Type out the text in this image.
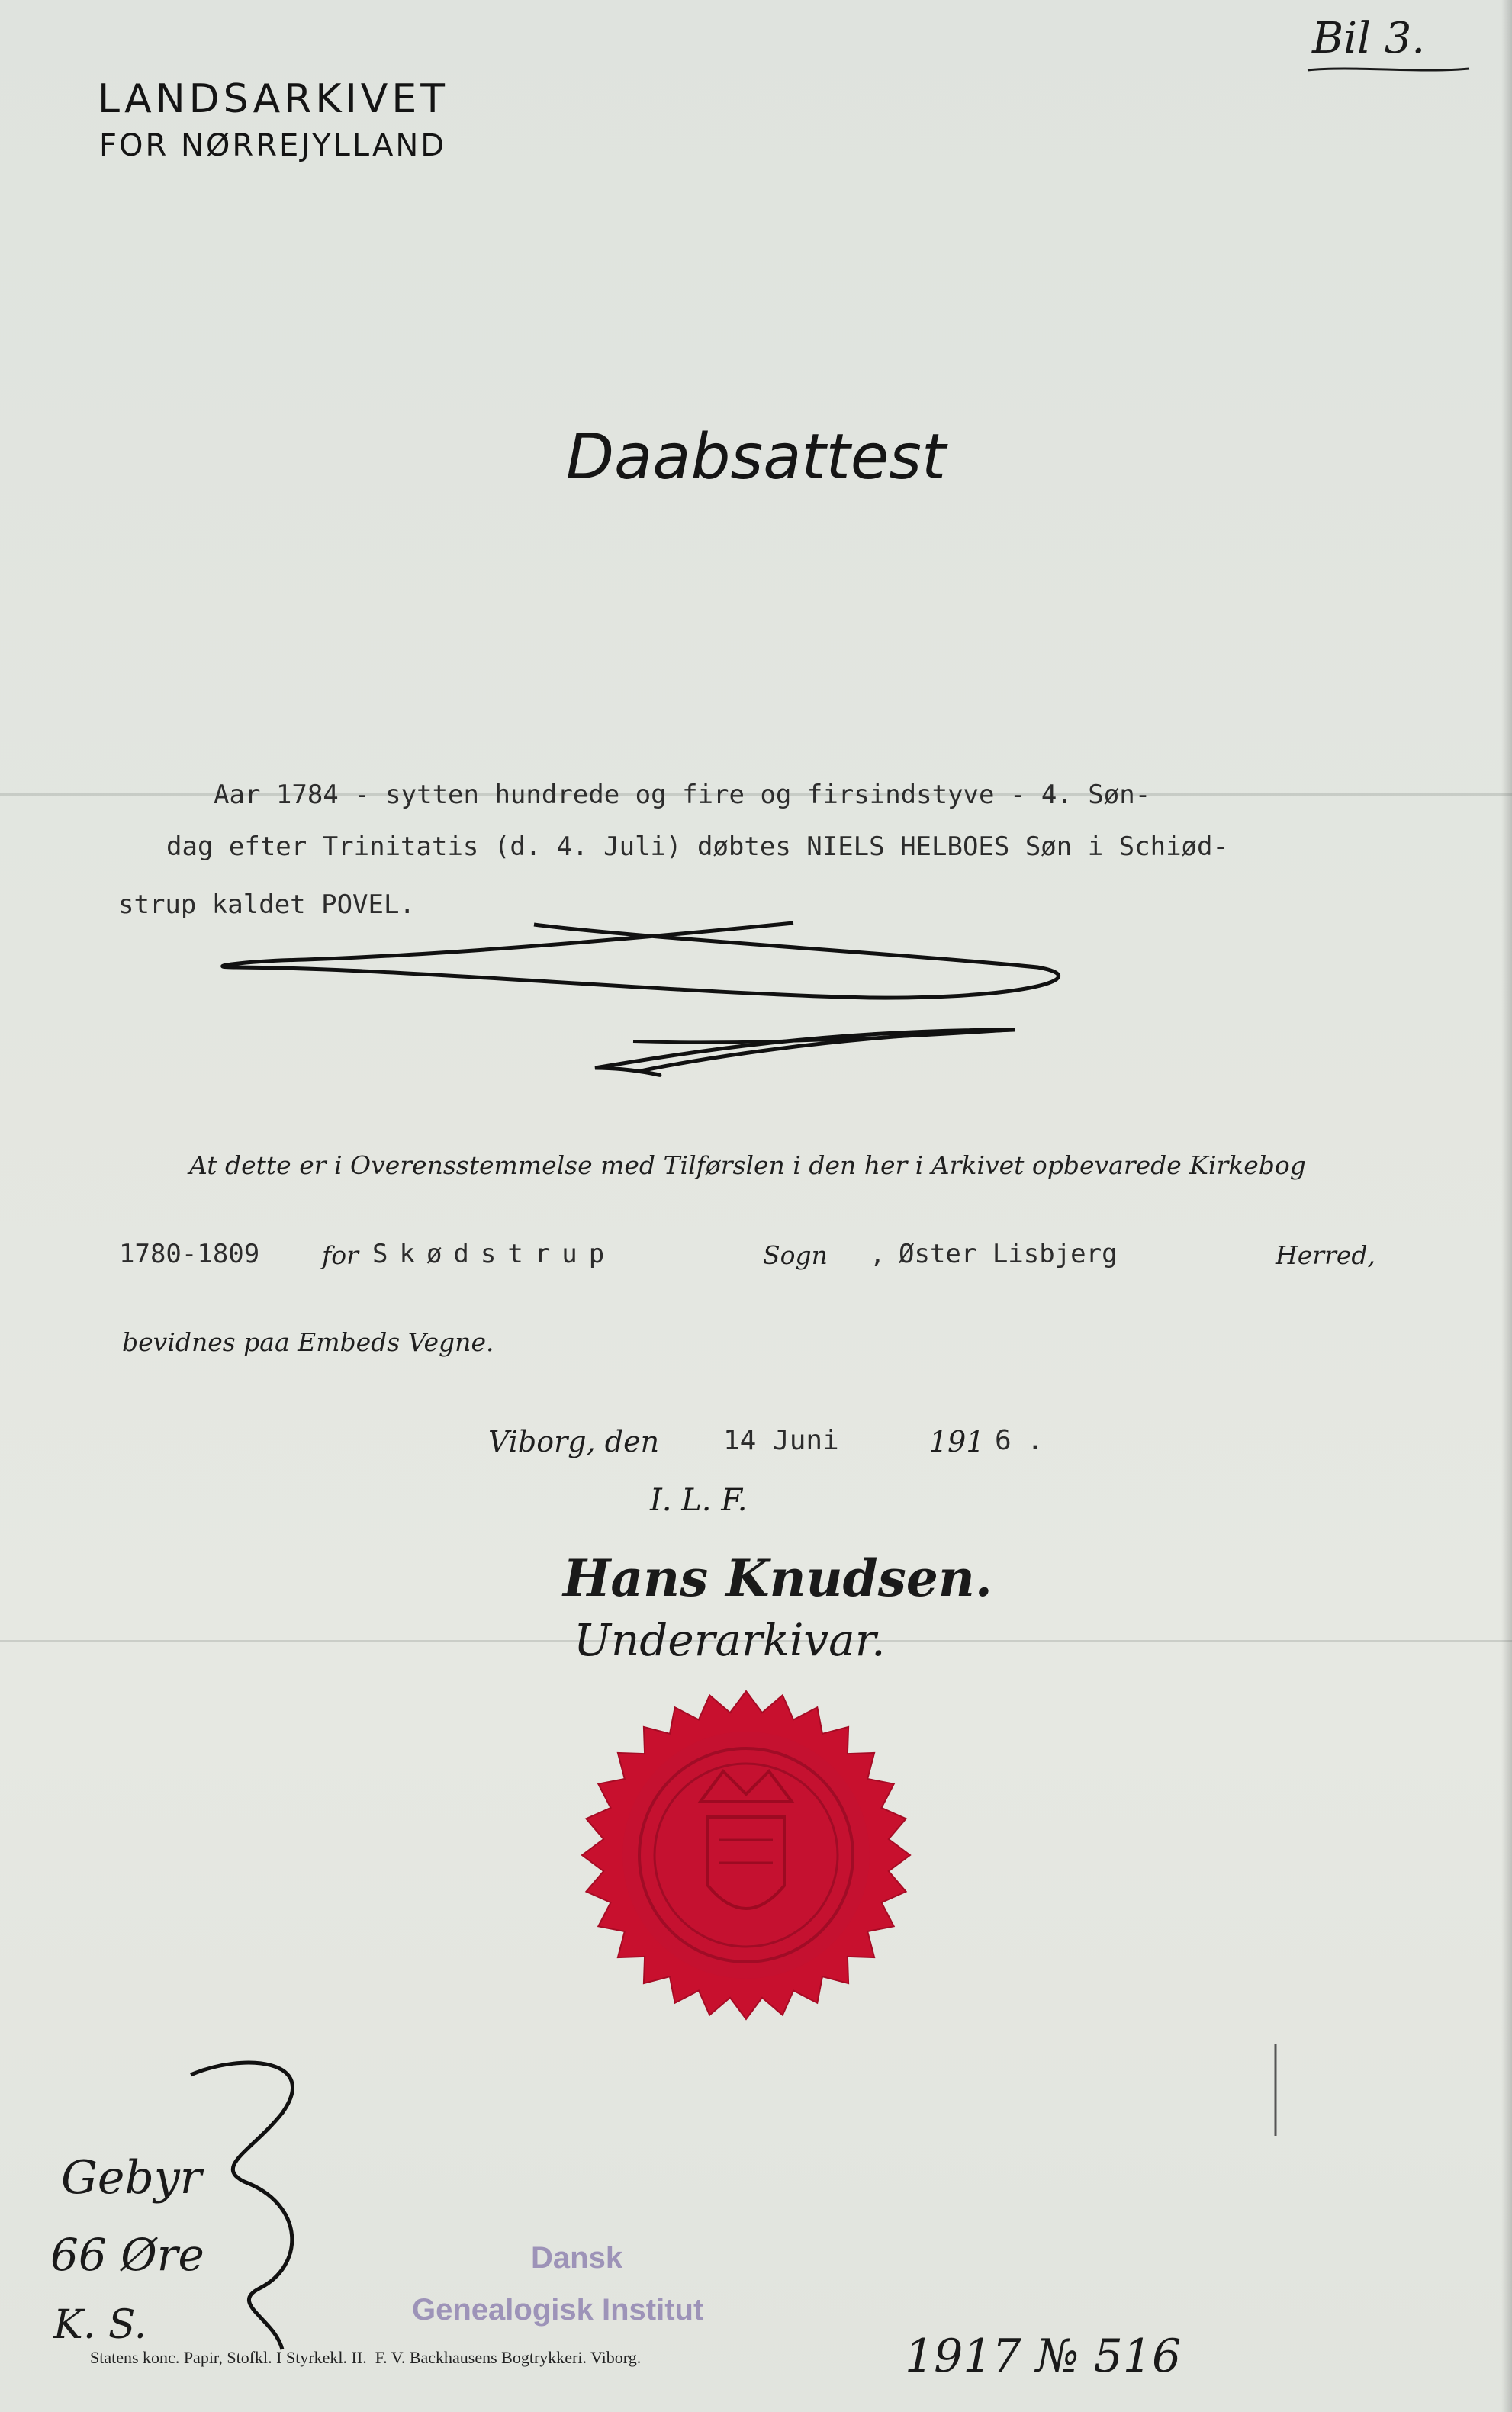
Bil 3.
LANDSARKIVET
FOR NØRREJYLLAND
Daabsattest
Aar 1784 - sytten hundrede og fire og firsindstyve - 4. Søn-
dag efter Trinitatis (d. 4. Juli) døbtes NIELS HELBOES Søn i Schiød-
strup kaldet POVEL.
At dette er i Overensstemmelse med Tilførslen i den her i Arkivet opbevarede Kirkebog
1780-1809 for Skødstrup	Sogn , Øster Lisbjerg	Herred,
bevidnes paa Embeds Vegne.
Viborg, den 14 Juni	191 6 .
I. L. F.
Hans Knudsen.
Underarkivar.
Gebyr
66 Øre
K. S.
Dansk
Genealogisk Institut
Statens konc. Papir, Stofkl. I Styrkekl. II.  F. V. Backhausens Bogtrykkeri. Viborg.	1917 № 516
